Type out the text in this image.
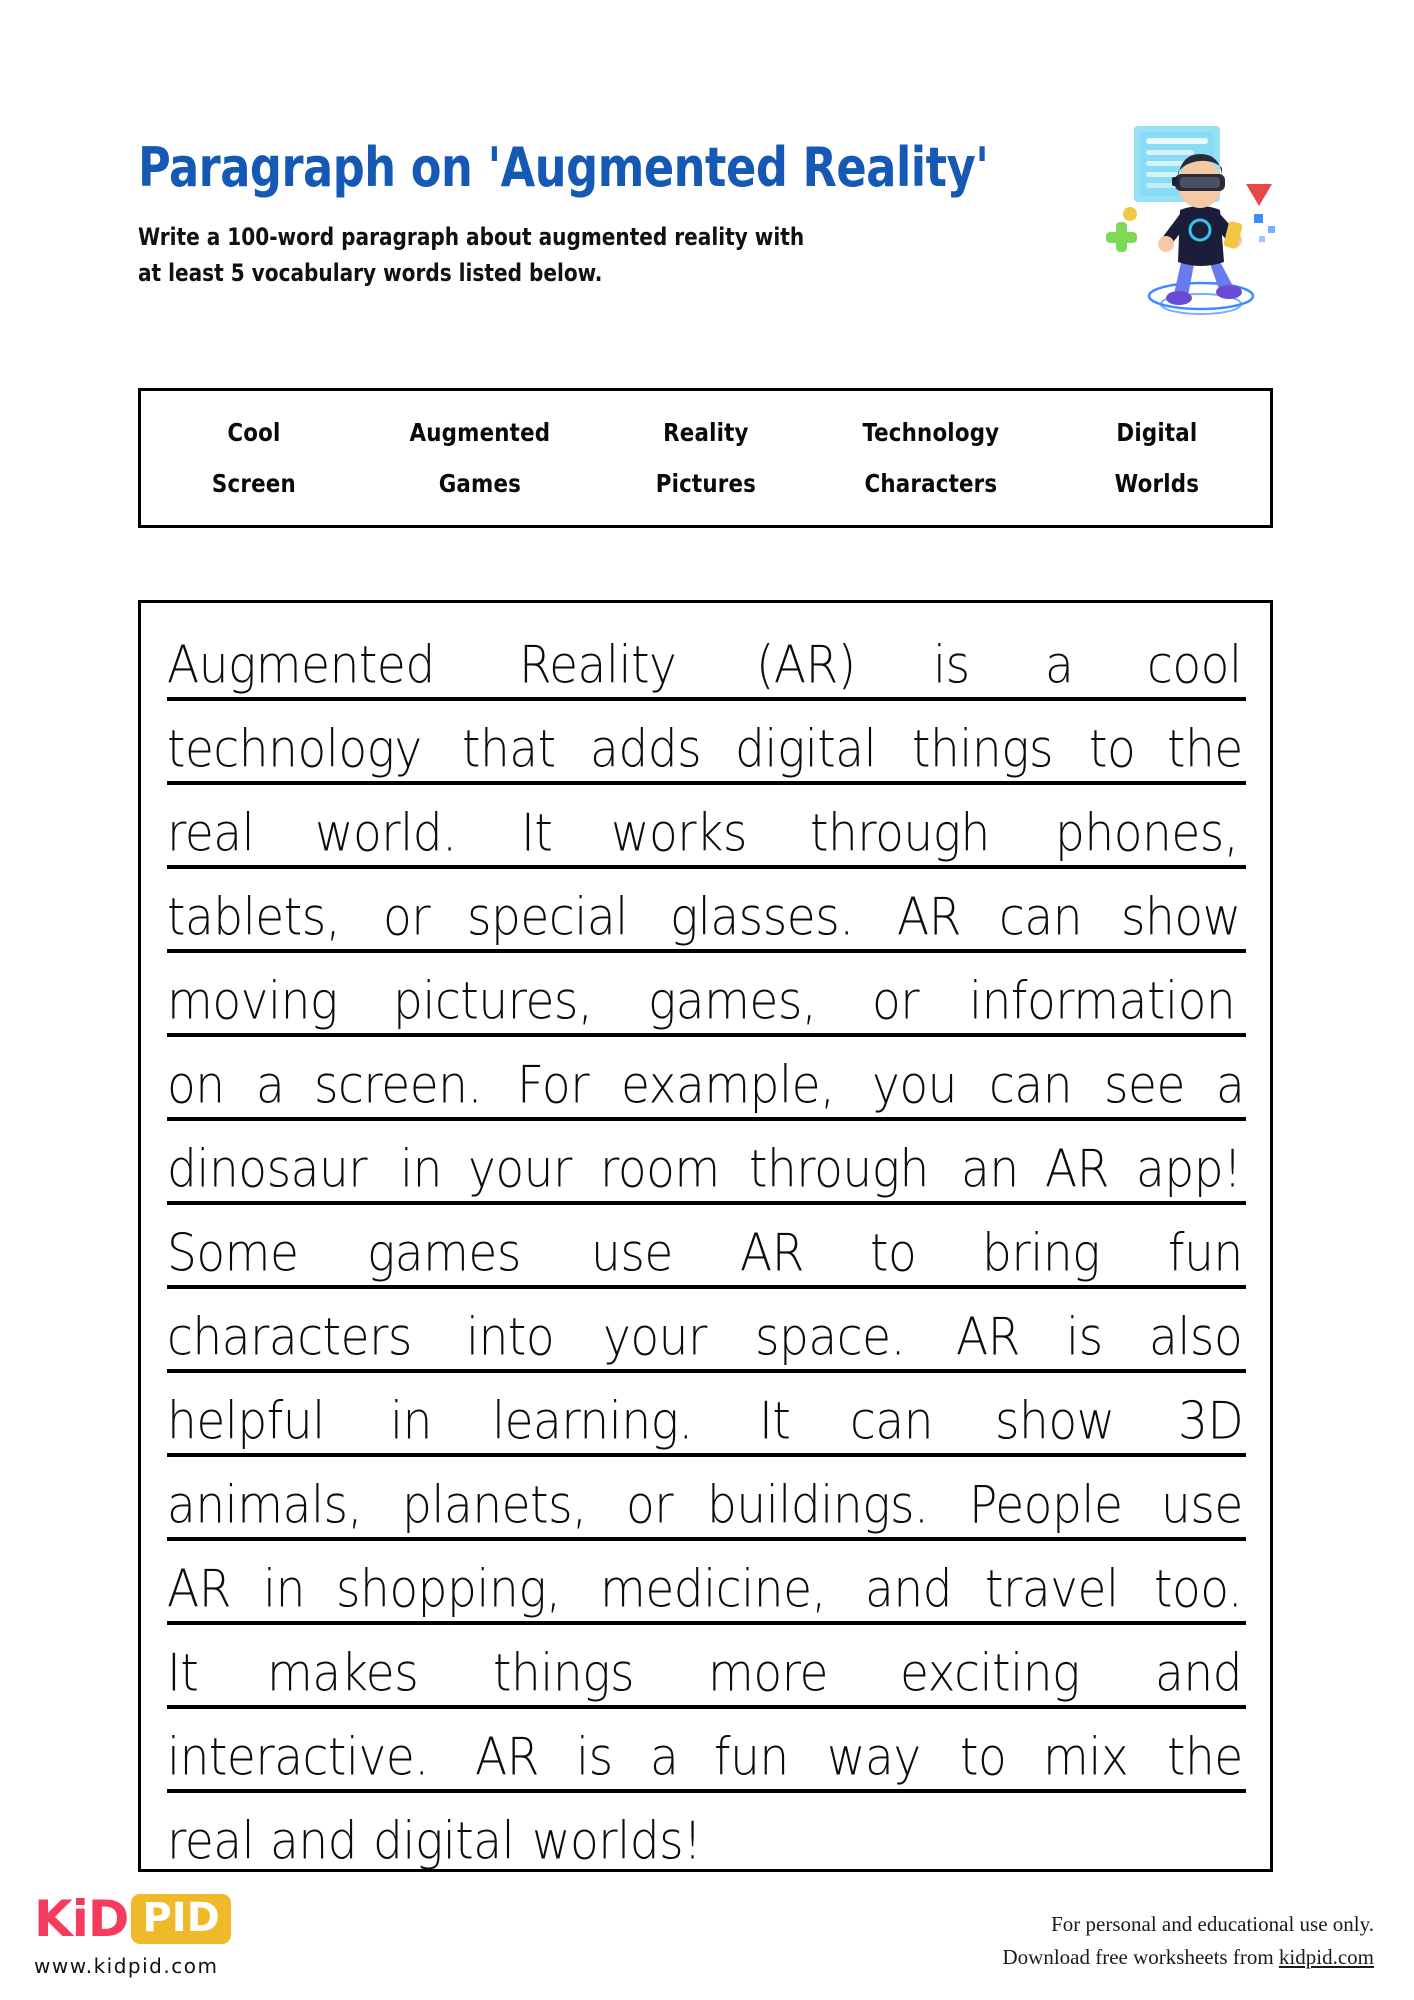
Paragraph on 'Augmented Reality'
Write a 100-word paragraph about augmented reality with
at least 5 vocabulary words listed below.
Cool	Augmented	Reality	Technology	Digital
Screen	Games	Pictures	Characters	Worlds
Augmented Reality (AR) is a cool
technology that adds digital things to the
real world. It works through phones,
tablets, or special glasses. AR can show
moving pictures, games, or information
on a screen. For example, you can see a
dinosaur in your room through an AR app!
Some games use AR to bring fun
characters into your space. AR is also
helpful in learning. It can show 3D
animals, planets, or buildings. People use
AR in shopping, medicine, and travel too.
It makes things more exciting and
interactive. AR is a fun way to mix the
real and digital worlds!
KiD PID
www.kidpid.com
For personal and educational use only.
Download free worksheets from kidpid.com
